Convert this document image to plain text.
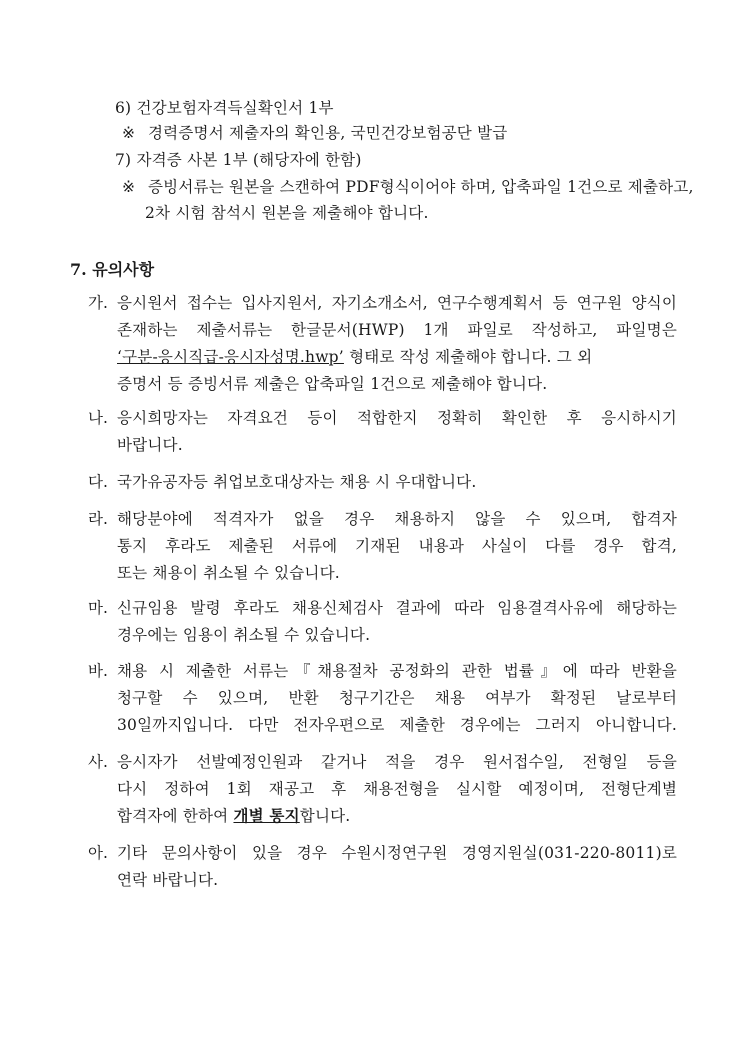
6) 건강보험자격득실확인서 1부
※ 경력증명서 제출자의 확인용, 국민건강보험공단 발급
7) 자격증 사본 1부 (해당자에 한함)
※ 증빙서류는 원본을 스캔하여 PDF형식이어야 하며, 압축파일 1건으로 제출하고,
2차 시험 참석시 원본을 제출해야 합니다.
7. 유의사항
가. 응시원서 접수는 입사지원서, 자기소개소서, 연구수행계획서 등 연구원 양식이
존재하는 제출서류는 한글문서(HWP) 1개 파일로 작성하고, 파일명은
‘구분-응시직급-응시자성명.hwp’ 형태로 작성 제출해야 합니다. 그 외
증명서 등 증빙서류 제출은 압축파일 1건으로 제출해야 합니다.
나. 응시희망자는 자격요건 등이 적합한지 정확히 확인한 후 응시하시기
바랍니다.
다. 국가유공자등 취업보호대상자는 채용 시 우대합니다.
라. 해당분야에 적격자가 없을 경우 채용하지 않을 수 있으며, 합격자
통지 후라도 제출된 서류에 기재된 내용과 사실이 다를 경우 합격,
또는 채용이 취소될 수 있습니다.
마. 신규임용 발령 후라도 채용신체검사 결과에 따라 임용결격사유에 해당하는
경우에는 임용이 취소될 수 있습니다.
바. 채용 시 제출한 서류는『채용절차 공정화의 관한 법률』에 따라 반환을
청구할 수 있으며, 반환 청구기간은 채용 여부가 확정된 날로부터
30일까지입니다. 다만 전자우편으로 제출한 경우에는 그러지 아니합니다.
사. 응시자가 선발예정인원과 같거나 적을 경우 원서접수일, 전형일 등을
다시 정하여 1회 재공고 후 채용전형을 실시할 예정이며, 전형단계별
합격자에 한하여 개별 통지합니다.
아. 기타 문의사항이 있을 경우 수원시정연구원 경영지원실(031-220-8011)로
연락 바랍니다.
